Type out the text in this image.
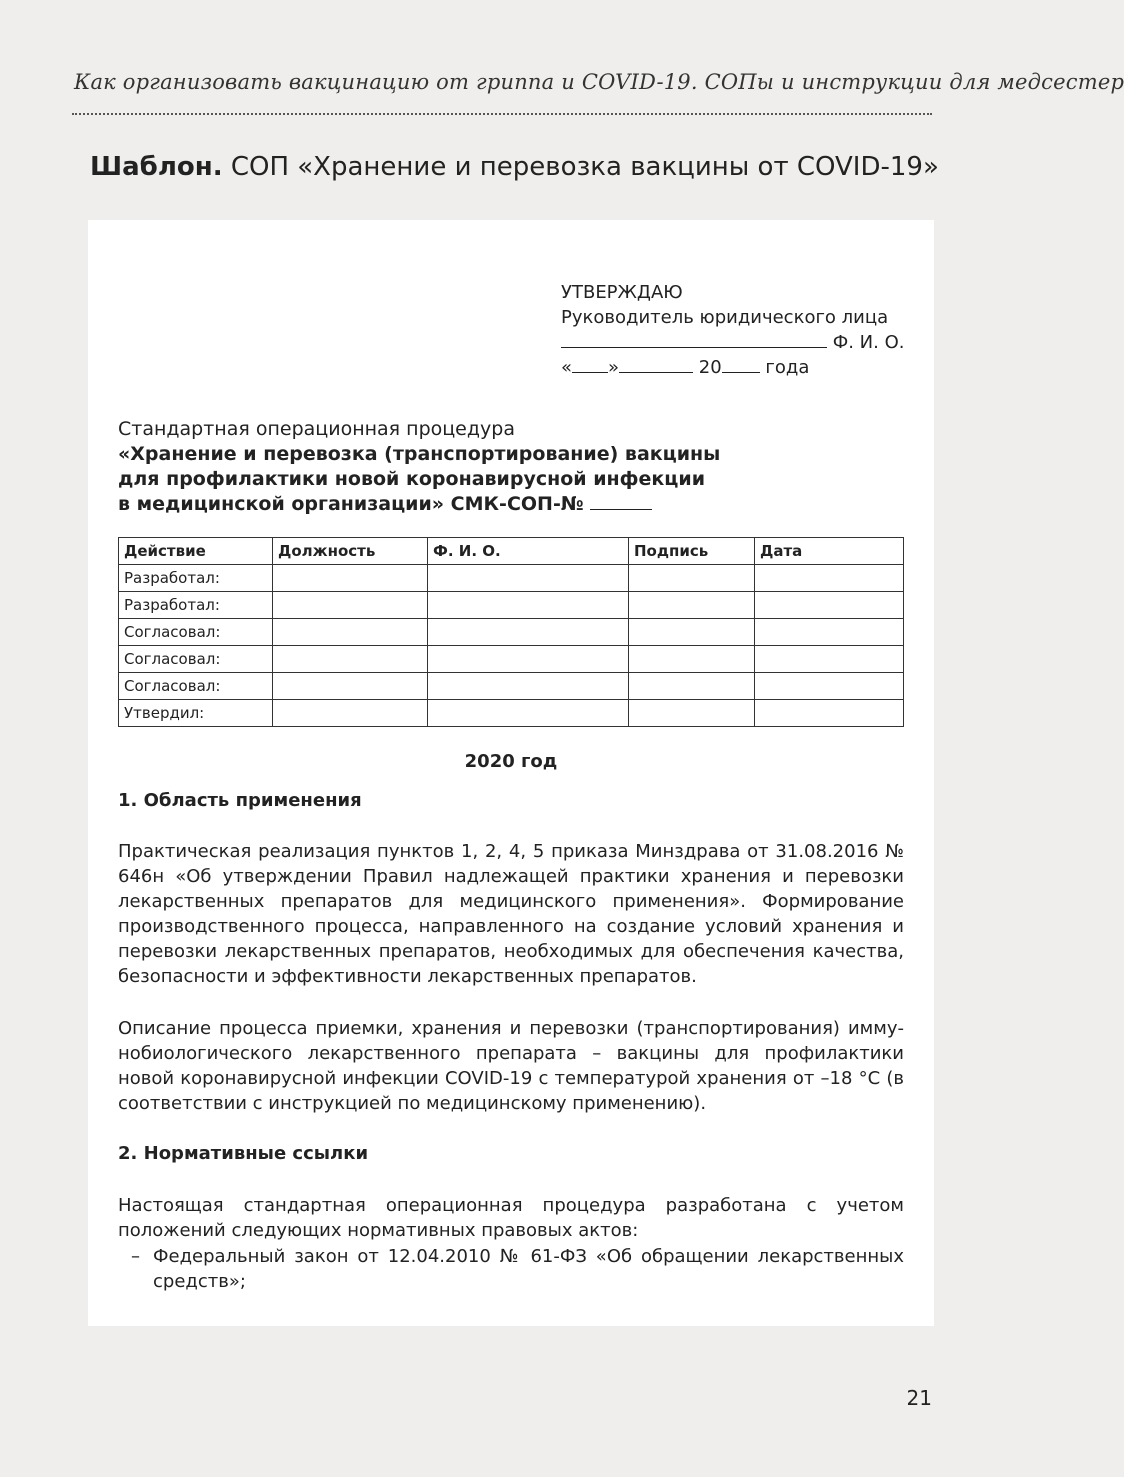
Как организовать вакцинацию от гриппа и COVID-19. СОПы и инструкции для медсестер
Шаблон. СОП «Хранение и перевозка вакцины от COVID-19»
УТВЕРЖДАЮ
Руководитель юридического лица
Ф. И. О.
« »	20 года
Стандартная операционная процедура
«Хранение и перевозка (транспортирование) вакцины
для профилактики новой коронавирусной инфекции
в медицинской организации» СМК-СОП-№
Действие	Должность	Ф. И. О.	Подпись	Дата
Разработал:				
Разработал:				
Согласовал:				
Согласовал:				
Согласовал:				
Утвердил:				
2020 год
1. Область применения
Практическая реализация пунктов 1, 2, 4, 5 приказа Минздрава от 31.08.2016 № 646н «Об утверждении Правил надлежащей практики хранения и перевозки лекарственных препаратов для медицинского применения». Формирование производственного процесса, направленного на создание условий хранения и перевозки лекарственных препаратов, необходимых для обеспечения качества, безопасности и эффективности лекарственных препаратов.
Описание процесса приемки, хранения и перевозки (транспортирования) иммунобиологического лекарственного препарата – вакцины для профилактики новой коронавирусной инфекции COVID-19 с температурой хранения от –18 °С (в соответствии с инструкцией по медицинскому применению).
2. Нормативные ссылки
Настоящая стандартная операционная процедура разработана с учетом положений следующих нормативных правовых актов:
– Федеральный закон от 12.04.2010 № 61-ФЗ «Об обращении лекарственных средств»;
21
